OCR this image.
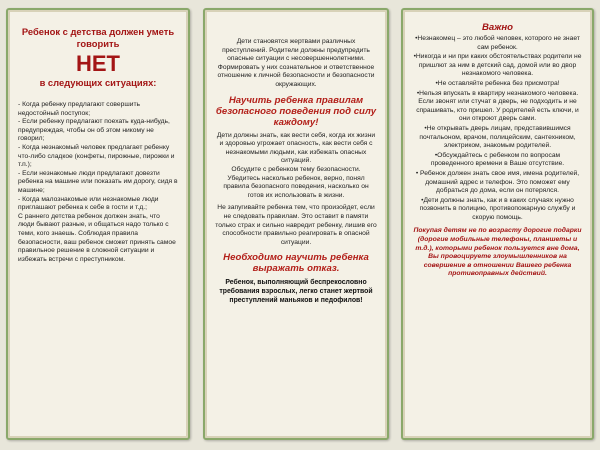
Ребенок с детства должен уметь говорить
НЕТ
в следующих ситуациях:

- Когда ребенку предлагают совершить недостойный поступок;

- Если ребенку предлагают поехать куда-нибудь, предупреждая, чтобы он об этом никому не говорил;

- Когда незнакомый человек предлагает ребенку что-либо сладкое (конфеты, пирожные, пирожки и т.п.);

- Если незнакомые люди предлагают довезти ребенка на машине или показать им дорогу, сидя в машине;

- Когда малознакомые или незнакомые люди приглашают ребенка к себе в гости и т.д.;

С раннего детства ребенок должен знать, что люди бывают разные, и общаться надо только с теми, кого знаешь. Соблюдая правила безопасности, ваш ребенок сможет принять самое правильное решение в сложной ситуации и избежать встречи с преступником.

Дети становятся жертвами различных преступлений. Родители должны предупредить опасные ситуации с несовершеннолетними. Формировать у них сознательное и ответственное отношение к личной безопасности и безопасности окружающих.
Научить ребенка правилам безопасного поведения под силу каждому!

Дети должны знать, как вести себя, когда их жизни и здоровью угрожает опасность, как вести себя с незнакомыми людьми, как избежать опасных ситуаций.

Обсудите с ребенком тему безопасности. Убедитесь насколько ребенок, верно, понял правила безопасного поведения, насколько он готов их использовать в жизни.

Не запугивайте ребенка тем, что произойдет, если не следовать правилам. Это оставит в памяти только страх и сильно навредит ребенку, лишив его способности правильно реагировать в опасной ситуации.

Необходимо научить ребенка выражать отказ.
Ребенок, выполняющий беспрекословно требования взрослых, легко станет жертвой преступлений маньяков и педофилов!
Важно

•Незнакомец – это любой человек, которого не знает сам ребенок.

•Никогда и ни при каких обстоятельствах родители не пришлют за ним в детский сад, домой или во двор незнакомого человека.

•Не оставляйте ребенка без присмотра!

•Нельзя впускать в квартиру незнакомого человека. Если звонят или стучат в дверь, не подходить и не спрашивать, кто пришел. У родителей есть ключи, и они откроют дверь сами.

•Не открывать дверь лицам, представившимся почтальоном, врачом, полицейским, сантехником, электриком, знакомым родителей.

•Обсуждайтесь с ребенком по вопросам проведенного времени в Ваше отсутствие.

• Ребенок должен знать свое имя, имена родителей, домашний адрес и телефон. Это поможет ему добраться до дома, если он потерялся.

•Дети должны знать, как и в каких случаях нужно позвонить в полицию, противопожарную службу и скорую помощь.

Покупая детям не по возрасту дорогие подарки (дорогие мобильные телефоны, планшеты и т.д.), которыми ребенок пользуется вне дома, Вы провоцируете злоумышленников на совершение в отношении Вашего ребенка противоправных действий.
